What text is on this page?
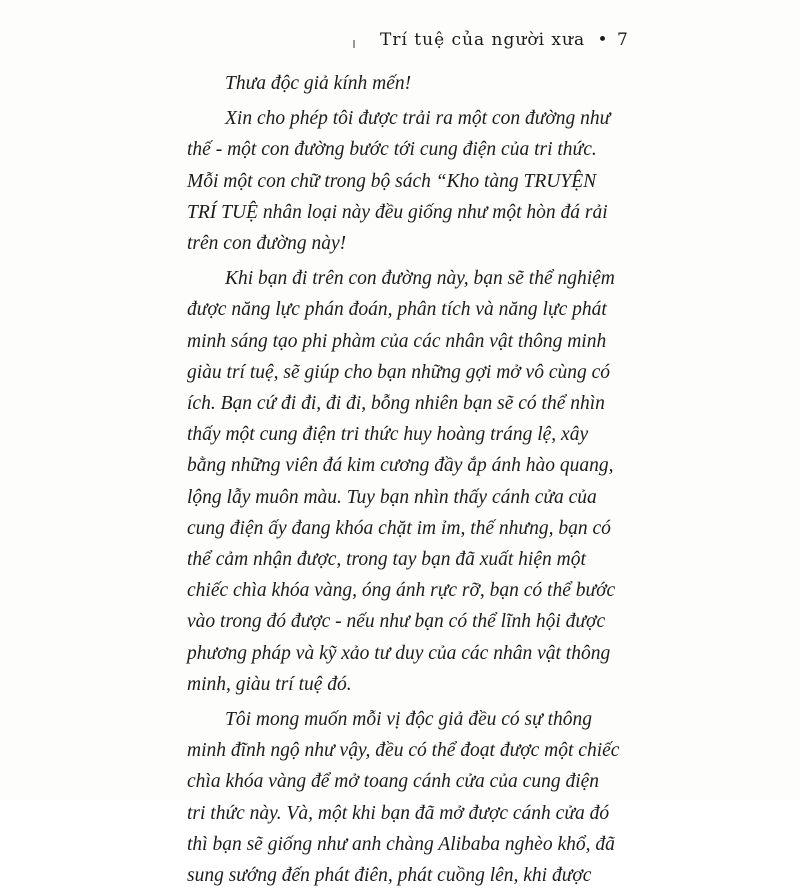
Trí tuệ của người xưa • 7
Thưa độc giả kính mến!
Xin cho phép tôi được trải ra một con đường như
thế - một con đường bước tới cung điện của tri thức.
Mỗi một con chữ trong bộ sách “Kho tàng TRUYỆN
TRÍ TUỆ nhân loại này đều giống như một hòn đá rải
trên con đường này!
Khi bạn đi trên con đường này, bạn sẽ thể nghiệm
được năng lực phán đoán, phân tích và năng lực phát
minh sáng tạo phi phàm của các nhân vật thông minh
giàu trí tuệ, sẽ giúp cho bạn những gợi mở vô cùng có
ích. Bạn cứ đi đi, đi đi, bỗng nhiên bạn sẽ có thể nhìn
thấy một cung điện tri thức huy hoàng tráng lệ, xây
bằng những viên đá kim cương đầy ắp ánh hào quang,
lộng lẫy muôn màu. Tuy bạn nhìn thấy cánh cửa của
cung điện ấy đang khóa chặt im ỉm, thế nhưng, bạn có
thể cảm nhận được, trong tay bạn đã xuất hiện một
chiếc chìa khóa vàng, óng ánh rực rỡ, bạn có thể bước
vào trong đó được - nếu như bạn có thể lĩnh hội được
phương pháp và kỹ xảo tư duy của các nhân vật thông
minh, giàu trí tuệ đó.
Tôi mong muốn mỗi vị độc giả đều có sự thông
minh đĩnh ngộ như vậy, đều có thể đoạt được một chiếc
chìa khóa vàng để mở toang cánh cửa của cung điện
tri thức này. Và, một khi bạn đã mở được cánh cửa đó
thì bạn sẽ giống như anh chàng Alibaba nghèo khổ, đã
sung sướng đến phát điên, phát cuồng lên, khi được
